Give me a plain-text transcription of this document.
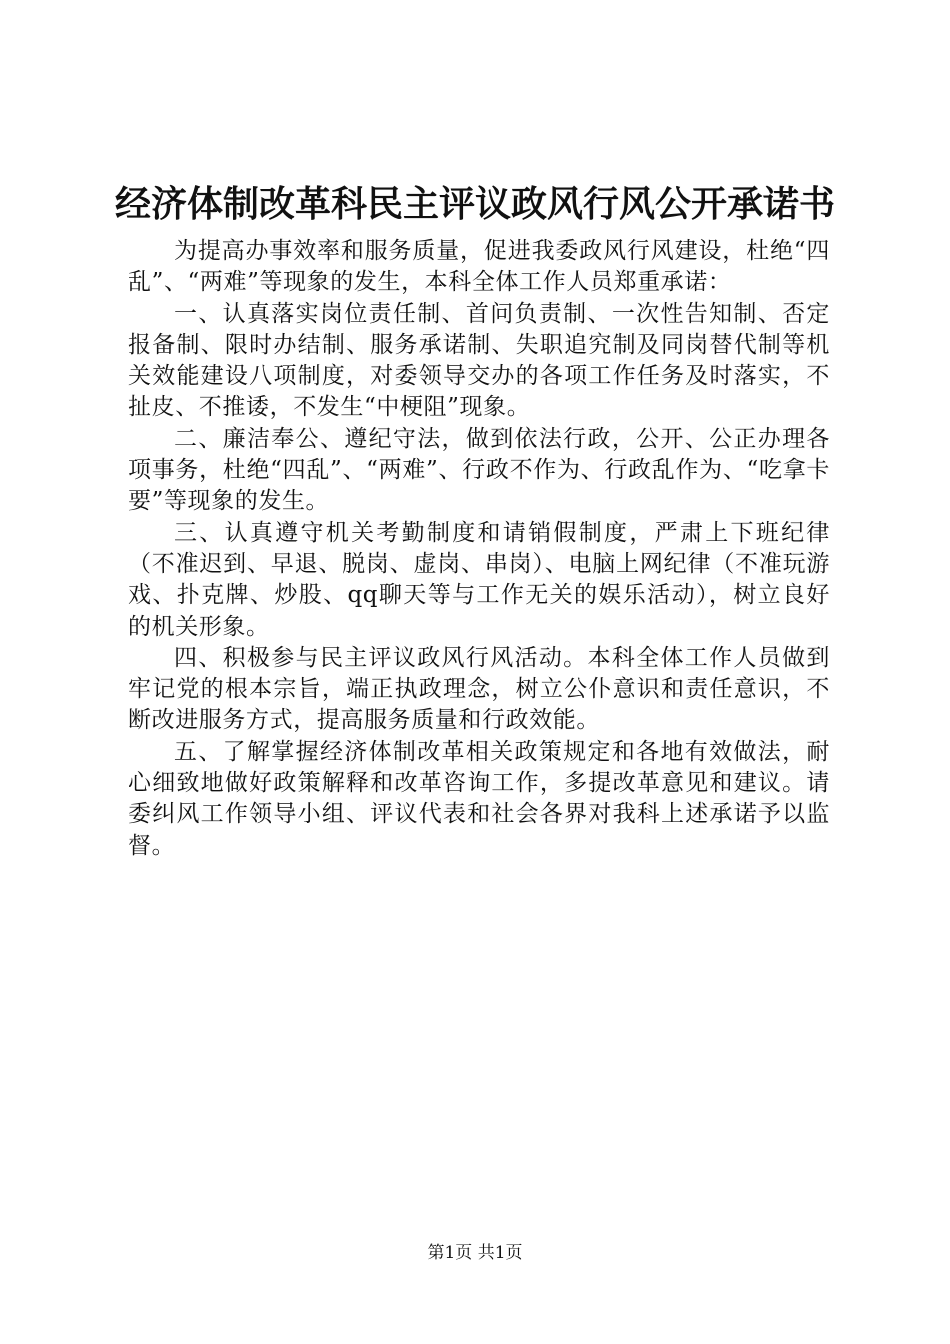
经济体制改革科民主评议政风行风公开承诺书

为提高办事效率和服务质量，促进我委政风行风建设，杜绝“四乱”、“两难”等现象的发生，本科全体工作人员郑重承诺：

一、认真落实岗位责任制、首问负责制、一次性告知制、否定报备制、限时办结制、服务承诺制、失职追究制及同岗替代制等机关效能建设八项制度，对委领导交办的各项工作任务及时落实，不扯皮、不推诿，不发生“中梗阻”现象。

二、廉洁奉公、遵纪守法，做到依法行政，公开、公正办理各项事务，杜绝“四乱”、“两难”、行政不作为、行政乱作为、“吃拿卡要”等现象的发生。

三、认真遵守机关考勤制度和请销假制度，严肃上下班纪律（不准迟到、早退、脱岗、虚岗、串岗）、电脑上网纪律（不准玩游戏、扑克牌、炒股、qq聊天等与工作无关的娱乐活动），树立良好的机关形象。

四、积极参与民主评议政风行风活动。本科全体工作人员做到牢记党的根本宗旨，端正执政理念，树立公仆意识和责任意识，不断改进服务方式，提高服务质量和行政效能。

五、了解掌握经济体制改革相关政策规定和各地有效做法，耐心细致地做好政策解释和改革咨询工作，多提改革意见和建议。请委纠风工作领导小组、评议代表和社会各界对我科上述承诺予以监督。

第1页 共1页
